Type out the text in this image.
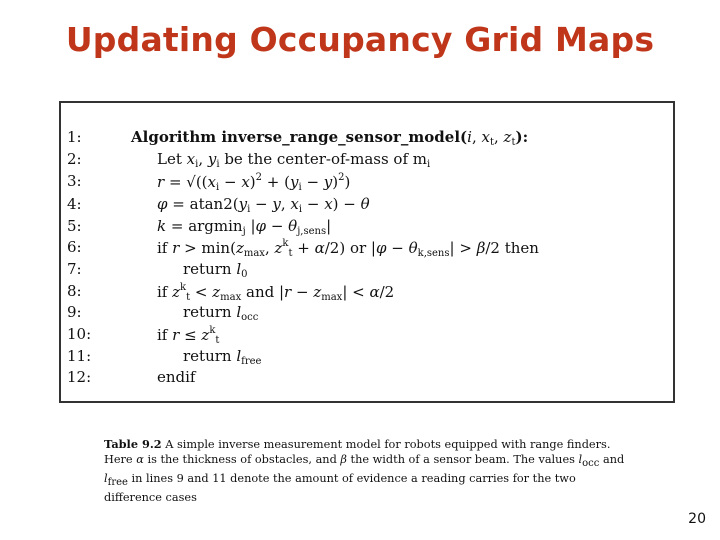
Updating Occupancy Grid Maps
1:	Algorithm inverse_range_sensor_model(i, $x_t$, $z_t$):
2:	Let $x_i$, $y_i$ be the center-of-mass of $m_i$
3:	$r = √((x_i - x)^2 + (y_i - y)^2)$
4:	$\varphi = atan2(y_i - y$, $x_i - x) - \theta$
5:	k = argmin$_j$ $|\varphi - \theta_{j,sens}|$
6:	if $r > \min(z_{max}$, $z^k_t + \alpha/2$) or $|\varphi - \theta_{k,sens}| > \beta/2$ then
7:	return $l_0$
8:	if $z^k_t < z_{max}$ and $|r - z_{max}| < \alpha/2$
9:	return $l_{occ}$
10:	if $r \le z^k_t$
11:	return $l_{free}$
12:	endif
Table 9.2 A simple inverse measurement model for robots equipped with range finders. Here α is the thickness of obstacles, and β the width of a sensor beam. The values locc and lfree in lines 9 and 11 denote the amount of evidence a reading carries for the two difference cases
20
